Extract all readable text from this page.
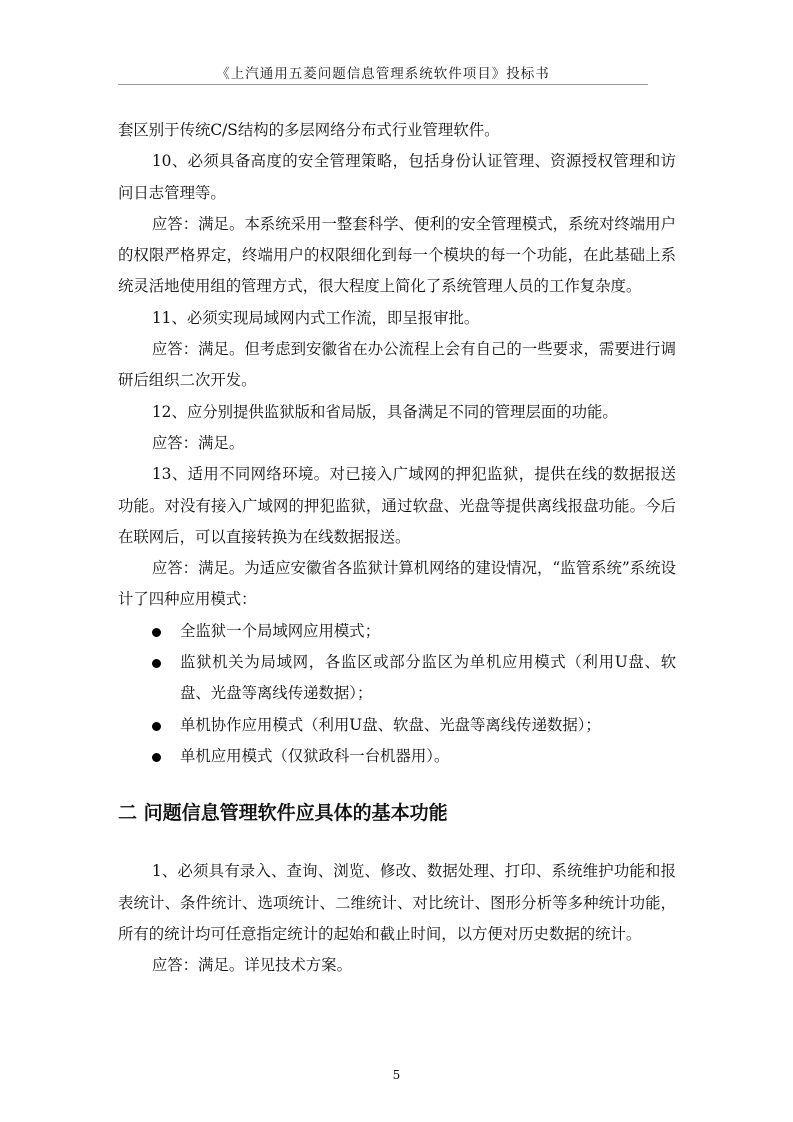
《上汽通用五菱问题信息管理系统软件项目》投标书

套区别于传统C/S结构的多层网络分布式行业管理软件。

10、必须具备高度的安全管理策略，包括身份认证管理、资源授权管理和访问日志管理等。

应答：满足。本系统采用一整套科学、便利的安全管理模式，系统对终端用户的权限严格界定，终端用户的权限细化到每一个模块的每一个功能，在此基础上系统灵活地使用组的管理方式，很大程度上简化了系统管理人员的工作复杂度。

11、必须实现局域网内式工作流，即呈报审批。

应答：满足。但考虑到安徽省在办公流程上会有自己的一些要求，需要进行调研后组织二次开发。

12、应分别提供监狱版和省局版，具备满足不同的管理层面的功能。

应答：满足。

13、适用不同网络环境。对已接入广域网的押犯监狱，提供在线的数据报送功能。对没有接入广域网的押犯监狱，通过软盘、光盘等提供离线报盘功能。今后在联网后，可以直接转换为在线数据报送。

应答：满足。为适应安徽省各监狱计算机网络的建设情况，“监管系统”系统设计了四种应用模式：

全监狱一个局域网应用模式；
监狱机关为局域网，各监区或部分监区为单机应用模式（利用U盘、软盘、光盘等离线传递数据）；
单机协作应用模式（利用U盘、软盘、光盘等离线传递数据）；
单机应用模式（仅狱政科一台机器用）。
二 问题信息管理软件应具体的基本功能

1、必须具有录入、查询、浏览、修改、数据处理、打印、系统维护功能和报表统计、条件统计、选项统计、二维统计、对比统计、图形分析等多种统计功能，所有的统计均可任意指定统计的起始和截止时间，以方便对历史数据的统计。

应答：满足。详见技术方案。

5
